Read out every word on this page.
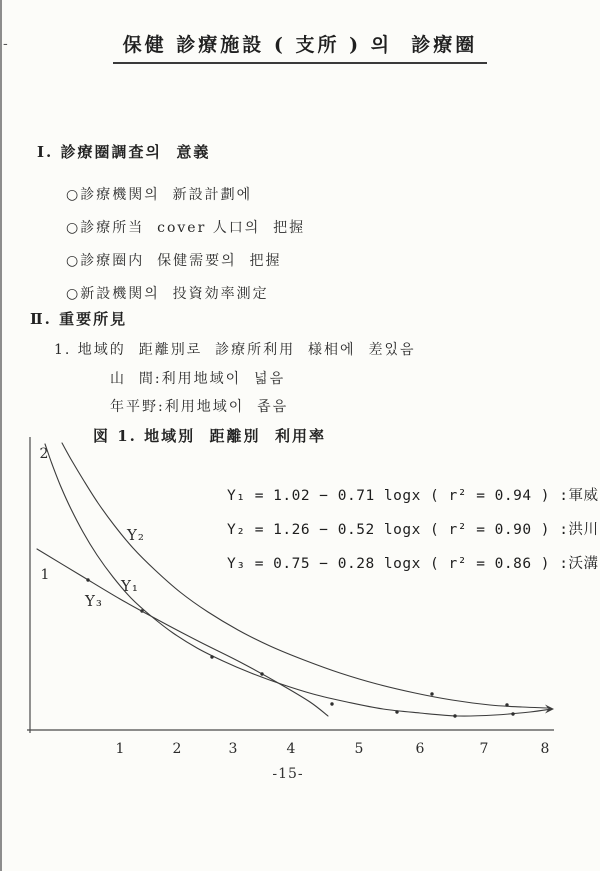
-	保健 診療施設 ( 支所 ) 의  診療圈
Ⅰ. 診療圈調査의  意義
○診療機関의  新設計劃에
○診療所当  cover 人口의  把握
○診療圈内  保健需要의  把握
○新設機関의  投資効率測定
Ⅱ. 重要所見
1. 地域的  距離別로  診療所利用  様相에  差있음
山  間:利用地域이  넓음
年平野:利用地域이  좁음
図 1. 地域別  距離別  利用率
1	2	3	4	5	6	7	8
2
1
Y₂
Y₁
Y₃
Y₁ = 1.02 − 0.71 logx ( r² = 0.94 ) :軍威
Y₂ = 1.26 − 0.52 logx ( r² = 0.90 ) :洪川
Y₃ = 0.75 − 0.28 logx ( r² = 0.86 ) :沃溝
-15-
